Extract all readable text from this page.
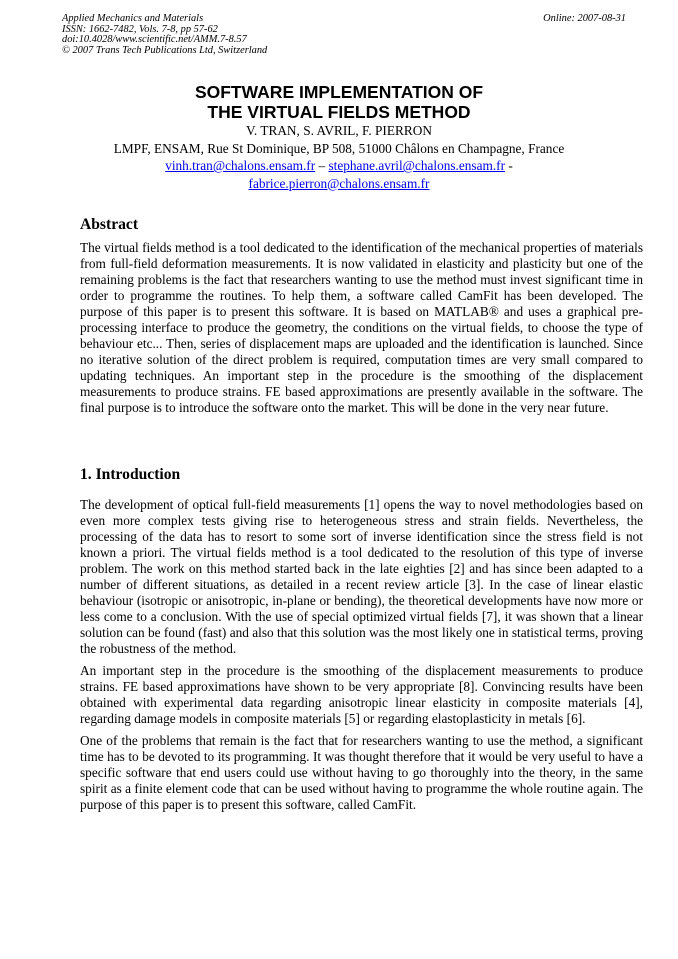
Applied Mechanics and Materials
ISSN: 1662-7482, Vols. 7-8, pp 57-62
doi:10.4028/www.scientific.net/AMM.7-8.57
© 2007 Trans Tech Publications Ltd, Switzerland
Online: 2007-08-31
SOFTWARE IMPLEMENTATION OF
THE VIRTUAL FIELDS METHOD
V. TRAN, S. AVRIL, F. PIERRON
LMPF, ENSAM, Rue St Dominique, BP 508, 51000 Châlons en Champagne, France
vinh.tran@chalons.ensam.fr – stephane.avril@chalons.ensam.fr -
fabrice.pierron@chalons.ensam.fr
Abstract

The virtual fields method is a tool dedicated to the identification of the mechanical properties of materials from full-field deformation measurements. It is now validated in elasticity and plasticity but one of the remaining problems is the fact that researchers wanting to use the method must invest significant time in order to programme the routines. To help them, a software called CamFit has been developed. The purpose of this paper is to present this software. It is based on MATLAB® and uses a graphical pre-processing interface to produce the geometry, the conditions on the virtual fields, to choose the type of behaviour etc... Then, series of displacement maps are uploaded and the identification is launched. Since no iterative solution of the direct problem is required, computation times are very small compared to updating techniques. An important step in the procedure is the smoothing of the displacement measurements to produce strains. FE based approximations are presently available in the software. The final purpose is to introduce the software onto the market. This will be done in the very near future.

1. Introduction

The development of optical full-field measurements [1] opens the way to novel methodologies based on even more complex tests giving rise to heterogeneous stress and strain fields. Nevertheless, the processing of the data has to resort to some sort of inverse identification since the stress field is not known a priori. The virtual fields method is a tool dedicated to the resolution of this type of inverse problem. The work on this method started back in the late eighties [2] and has since been adapted to a number of different situations, as detailed in a recent review article [3]. In the case of linear elastic behaviour (isotropic or anisotropic, in-plane or bending), the theoretical developments have now more or less come to a conclusion. With the use of special optimized virtual fields [7], it was shown that a linear solution can be found (fast) and also that this solution was the most likely one in statistical terms, proving the robustness of the method.

An important step in the procedure is the smoothing of the displacement measurements to produce strains. FE based approximations have shown to be very appropriate [8]. Convincing results have been obtained with experimental data regarding anisotropic linear elasticity in composite materials [4], regarding damage models in composite materials [5] or regarding elastoplasticity in metals [6].

One of the problems that remain is the fact that for researchers wanting to use the method, a significant time has to be devoted to its programming. It was thought therefore that it would be very useful to have a specific software that end users could use without having to go thoroughly into the theory, in the same spirit as a finite element code that can be used without having to programme the whole routine again. The purpose of this paper is to present this software, called CamFit.
